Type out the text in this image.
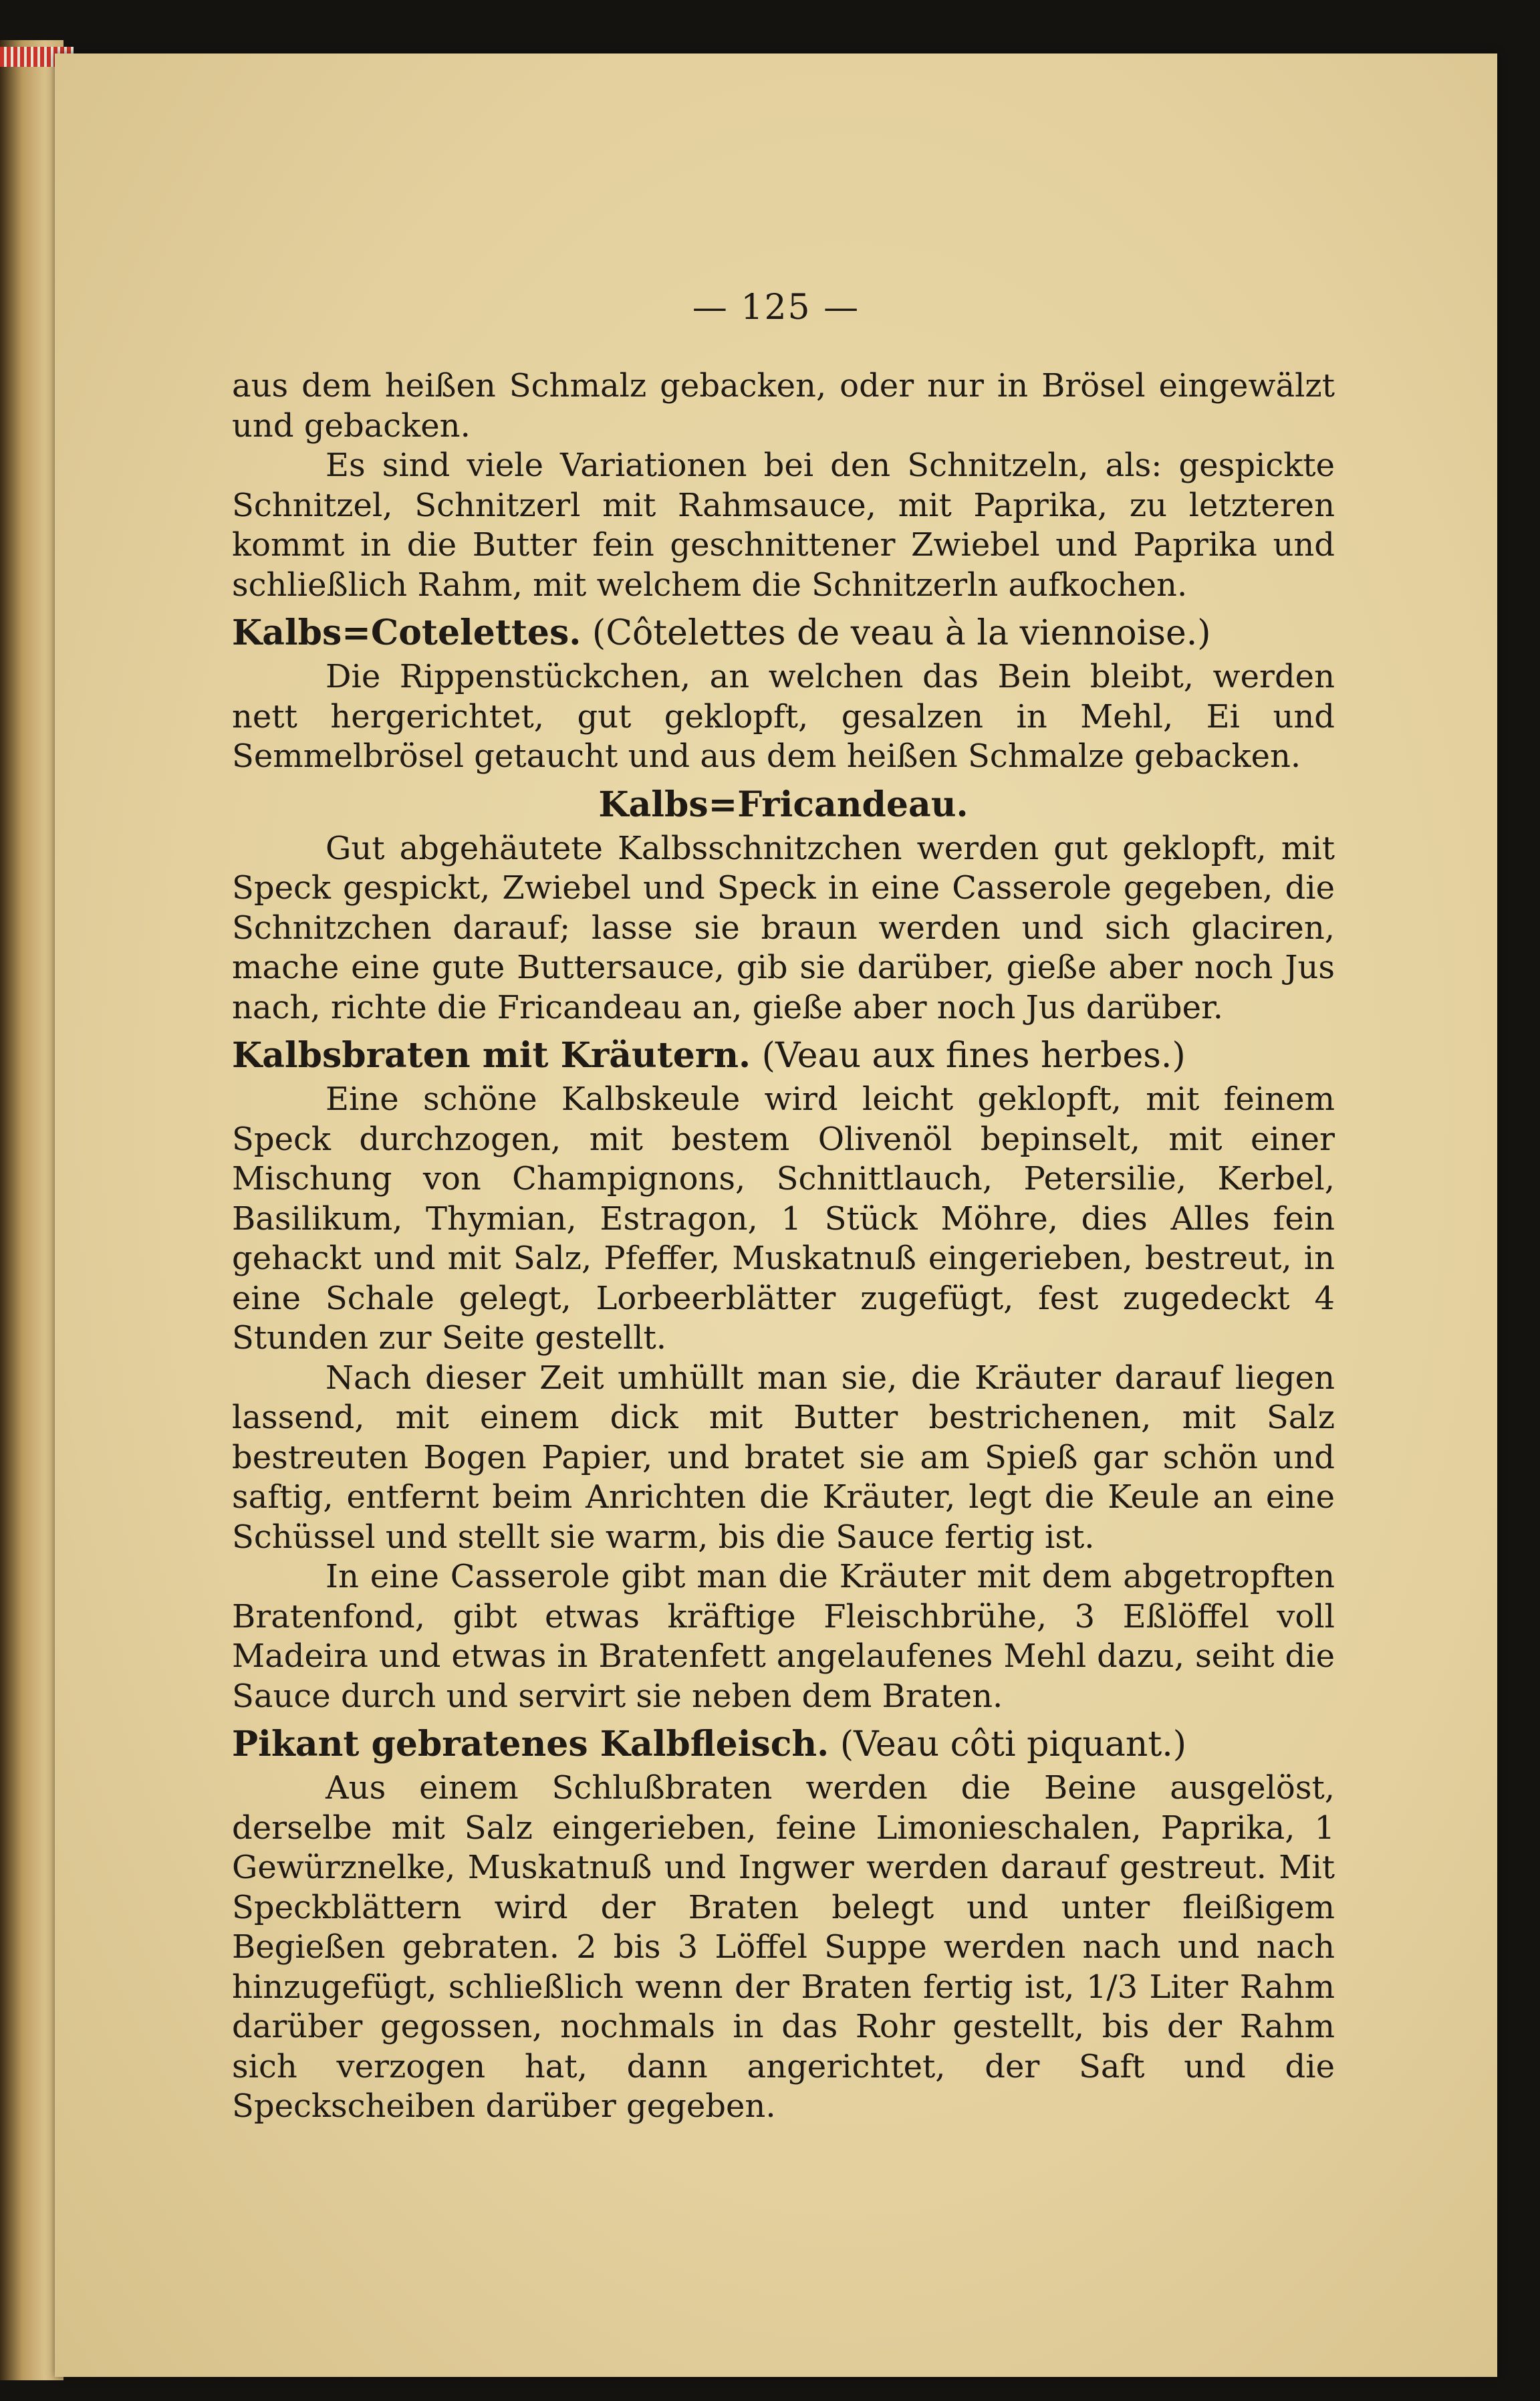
— 125 —

aus dem heißen Schmalz gebacken, oder nur in Brösel eingewälzt und gebacken.

Es sind viele Variationen bei den Schnitzeln, als: gespickte Schnitzel, Schnitzerl mit Rahmsauce, mit Paprika, zu letzteren kommt in die Butter fein geschnittener Zwiebel und Paprika und schließlich Rahm, mit welchem die Schnitzerln aufkochen.

Kalbs=Cotelettes. (Côtelettes de veau à la viennoise.)

Die Rippenstückchen, an welchen das Bein bleibt, werden nett hergerichtet, gut geklopft, gesalzen in Mehl, Ei und Semmelbrösel getaucht und aus dem heißen Schmalze gebacken.

Kalbs=Fricandeau.

Gut abgehäutete Kalbsschnitzchen werden gut geklopft, mit Speck gespickt, Zwiebel und Speck in eine Casserole gegeben, die Schnitzchen darauf; lasse sie braun werden und sich glaciren, mache eine gute Buttersauce, gib sie darüber, gieße aber noch Jus nach, richte die Fricandeau an, gieße aber noch Jus darüber.

Kalbsbraten mit Kräutern. (Veau aux fines herbes.)

Eine schöne Kalbskeule wird leicht geklopft, mit feinem Speck durchzogen, mit bestem Olivenöl bepinselt, mit einer Mischung von Champignons, Schnittlauch, Petersilie, Kerbel, Basilikum, Thymian, Estragon, 1 Stück Möhre, dies Alles fein gehackt und mit Salz, Pfeffer, Muskatnuß eingerieben, bestreut, in eine Schale gelegt, Lorbeerblätter zugefügt, fest zugedeckt 4 Stunden zur Seite gestellt.

Nach dieser Zeit umhüllt man sie, die Kräuter darauf liegen lassend, mit einem dick mit Butter bestrichenen, mit Salz bestreuten Bogen Papier, und bratet sie am Spieß gar schön und saftig, entfernt beim Anrichten die Kräuter, legt die Keule an eine Schüssel und stellt sie warm, bis die Sauce fertig ist.

In eine Casserole gibt man die Kräuter mit dem abgetropften Bratenfond, gibt etwas kräftige Fleischbrühe, 3 Eßlöffel voll Madeira und etwas in Bratenfett angelaufenes Mehl dazu, seiht die Sauce durch und servirt sie neben dem Braten.

Pikant gebratenes Kalbfleisch. (Veau côti piquant.)

Aus einem Schlußbraten werden die Beine ausgelöst, derselbe mit Salz eingerieben, feine Limonieschalen, Paprika, 1 Gewürznelke, Muskatnuß und Ingwer werden darauf gestreut. Mit Speckblättern wird der Braten belegt und unter fleißigem Begießen gebraten. 2 bis 3 Löffel Suppe werden nach und nach hinzugefügt, schließlich wenn der Braten fertig ist, 1/3 Liter Rahm darüber gegossen, nochmals in das Rohr gestellt, bis der Rahm sich verzogen hat, dann angerichtet, der Saft und die Speckscheiben darüber gegeben.
